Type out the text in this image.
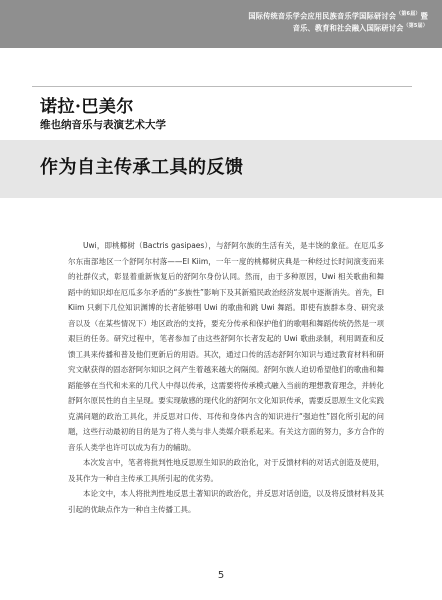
国际传统音乐学会应用民族音乐学国际研讨会$^{(第6届)}$暨
音乐、教育和社会融入国际研讨会$^{(第5届)}$
诺拉·巴美尔
维也纳音乐与表演艺术大学
作为自主传承工具的反馈

Uwi，即桃椰树（Bactris gasipaes），与舒阿尔族的生活有关，是丰饶的象征。在厄瓜多尔东南部地区一个舒阿尔村落——El Kiim，一年一度的桃椰树庆典是一种经过长时间演变而来的社群仪式，彰显着重新恢复后的舒阿尔身份认同。然而，由于多种原因，Uwi 相关歌曲和舞蹈中的知识却在厄瓜多尔矛盾的“多族性”影响下及其新殖民政治经济发展中逐渐消失。首先，El Kiim 只剩下几位知识渊博的长者能够唱 Uwi 的歌曲和跳 Uwi 舞蹈。即使有族群本身、研究录音以及（在某些情况下）地区政治的支持，要充分传承和保护他们的歌唱和舞蹈传统仍然是一项艰巨的任务。研究过程中，笔者参加了由这些舒阿尔长者发起的 Uwi 歌曲录制，利用调查和反馈工具来传播和普及他们更新后的用语。其次，通过口传的活态舒阿尔知识与通过教育材料和研究文献获得的固态舒阿尔知识之间产生着越来越大的隔阂。舒阿尔族人迫切希望他们的歌曲和舞蹈能够在当代和未来的几代人中得以传承，这需要将传承模式融入当前的理想教育理念，并转化舒阿尔原民性的自主呈现。要实现敏感的现代化的舒阿尔文化知识传承，需要反思原生文化实践克满问题的政治工具化，并反思对口传、耳传和身体内含的知识进行“强迫性”固化所引起的问题，这些行动最初的目的是为了将人类与非人类媒介联系起来。有关这方面的努力，多方合作的音乐人类学也许可以成为有力的辅助。

本次发言中，笔者将批判性地反思原生知识的政治化，对于反馈材料的对话式创造及使用，及其作为一种自主传承工具所引起的优劣势。

本论文中，本人将批判性地反思土著知识的政治化，并反思对话创造，以及将反馈材料及其引起的优缺点作为一种自主传播工具。

5
